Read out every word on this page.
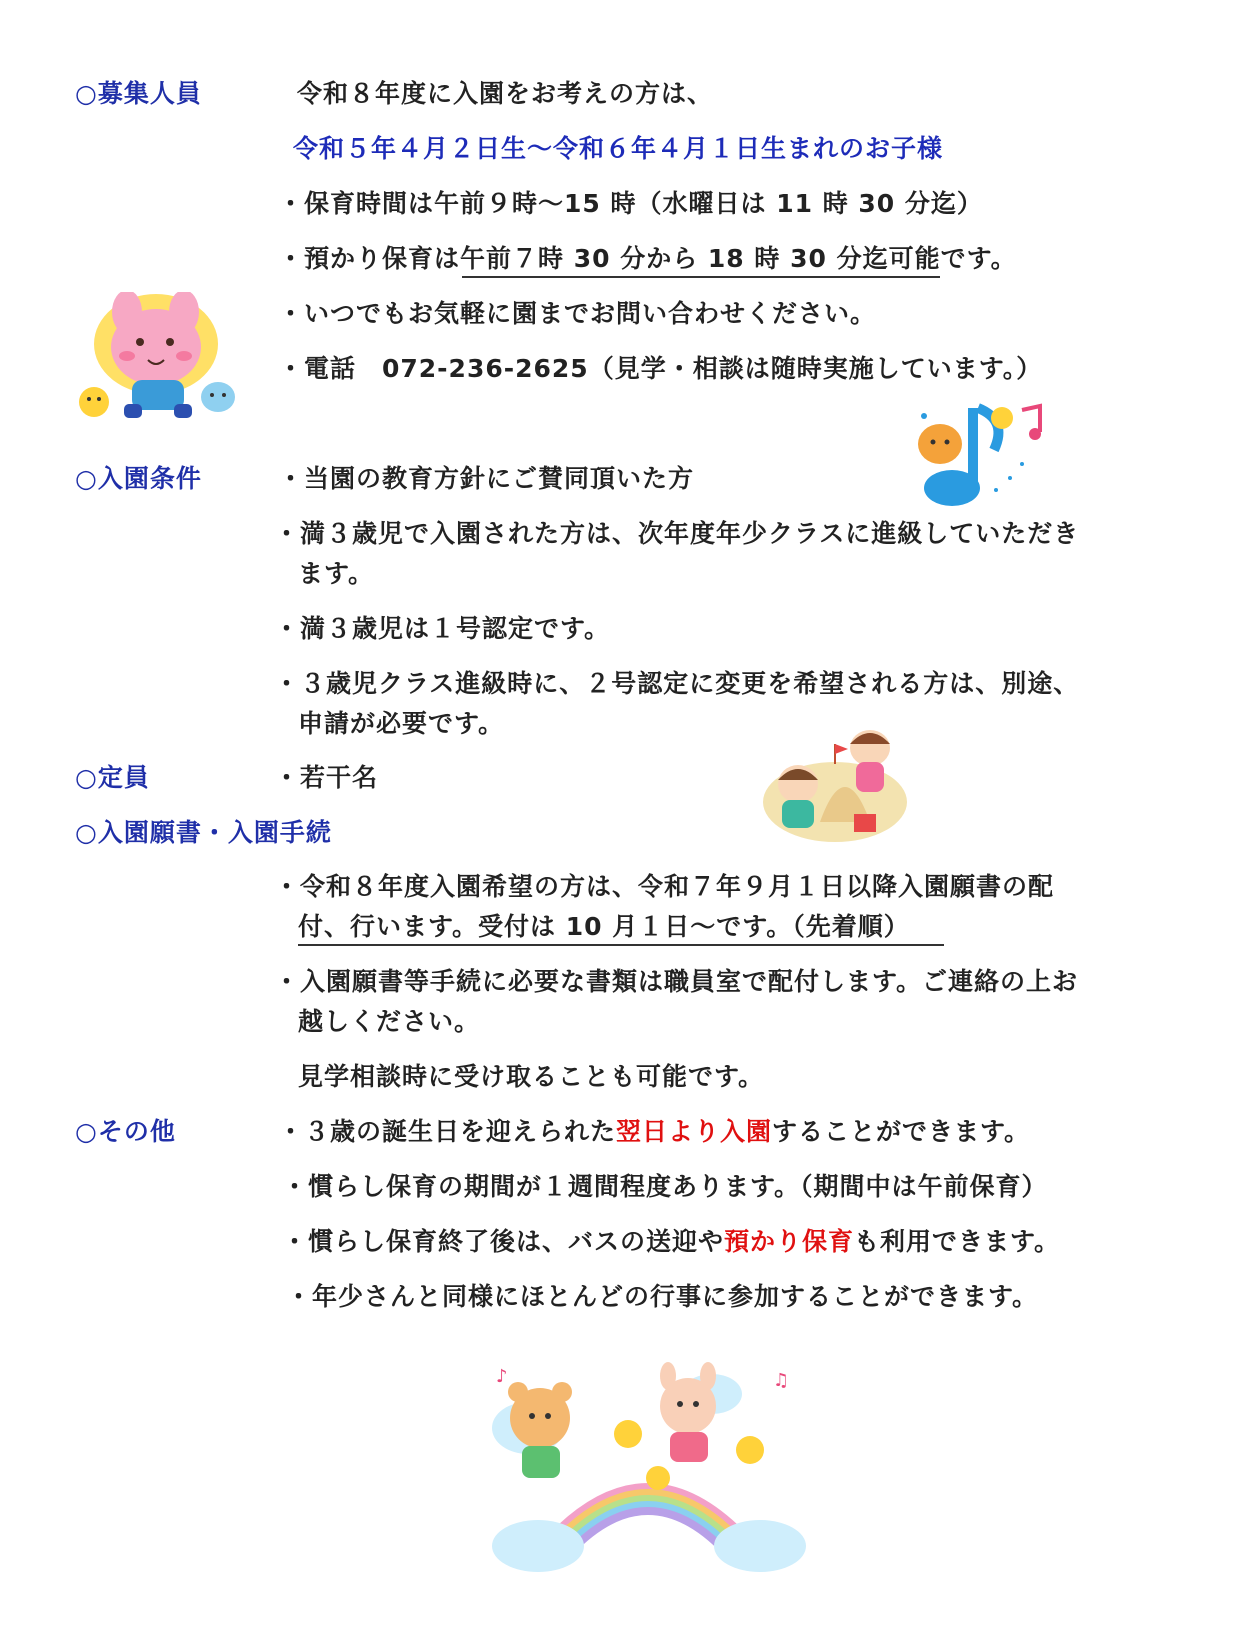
○募集人員	令和８年度に入園をお考えの方は、
令和５年４月２日生〜令和６年４月１日生まれのお子様
・保育時間は午前９時〜15 時（水曜日は 11 時 30 分迄）
・預かり保育は午前７時 30 分から 18 時 30 分迄可能です。
・いつでもお気軽に園までお問い合わせください。
・電話　072-236-2625（見学・相談は随時実施しています。）
○入園条件	・当園の教育方針にご賛同頂いた方
・満３歳児で入園された方は、次年度年少クラスに進級していただき
ます。
・満３歳児は１号認定です。
・３歳児クラス進級時に、２号認定に変更を希望される方は、別途、
申請が必要です。
○定員	・若干名
○入園願書・入園手続
・令和８年度入園希望の方は、令和７年９月１日以降入園願書の配
付、行います。受付は 10 月１日〜です。（先着順）
・入園願書等手続に必要な書類は職員室で配付します。ご連絡の上お
越しください。
見学相談時に受け取ることも可能です。
○その他	・３歳の誕生日を迎えられた翌日より入園することができます。
・慣らし保育の期間が１週間程度あります。（期間中は午前保育）
・慣らし保育終了後は、バスの送迎や預かり保育も利用できます。
・年少さんと同様にほとんどの行事に参加することができます。
♪	♫
